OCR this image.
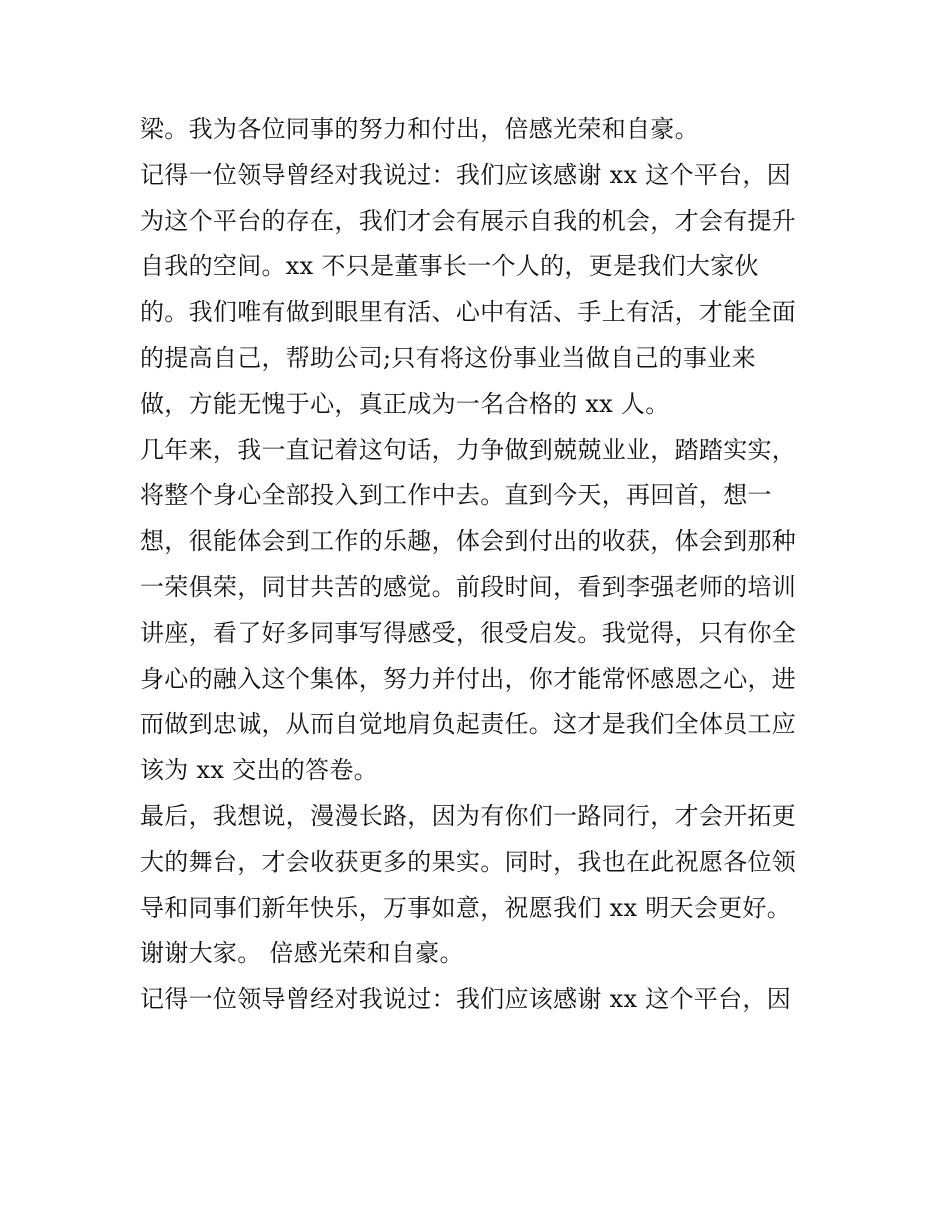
梁。我为各位同事的努力和付出，倍感光荣和自豪。
记得一位领导曾经对我说过：我们应该感谢 xx 这个平台，因
为这个平台的存在，我们才会有展示自我的机会，才会有提升
自我的空间。xx 不只是董事长一个人的，更是我们大家伙
的。我们唯有做到眼里有活、心中有活、手上有活，才能全面
的提高自己，帮助公司;只有将这份事业当做自己的事业来
做，方能无愧于心，真正成为一名合格的 xx 人。
几年来，我一直记着这句话，力争做到兢兢业业，踏踏实实，
将整个身心全部投入到工作中去。直到今天，再回首，想一
想，很能体会到工作的乐趣，体会到付出的收获，体会到那种
一荣俱荣，同甘共苦的感觉。前段时间，看到李强老师的培训
讲座，看了好多同事写得感受，很受启发。我觉得，只有你全
身心的融入这个集体，努力并付出，你才能常怀感恩之心，进
而做到忠诚，从而自觉地肩负起责任。这才是我们全体员工应
该为 xx 交出的答卷。
最后，我想说，漫漫长路，因为有你们一路同行，才会开拓更
大的舞台，才会收获更多的果实。同时，我也在此祝愿各位领
导和同事们新年快乐，万事如意，祝愿我们 xx 明天会更好。
谢谢大家。 倍感光荣和自豪。
记得一位领导曾经对我说过：我们应该感谢 xx 这个平台，因
